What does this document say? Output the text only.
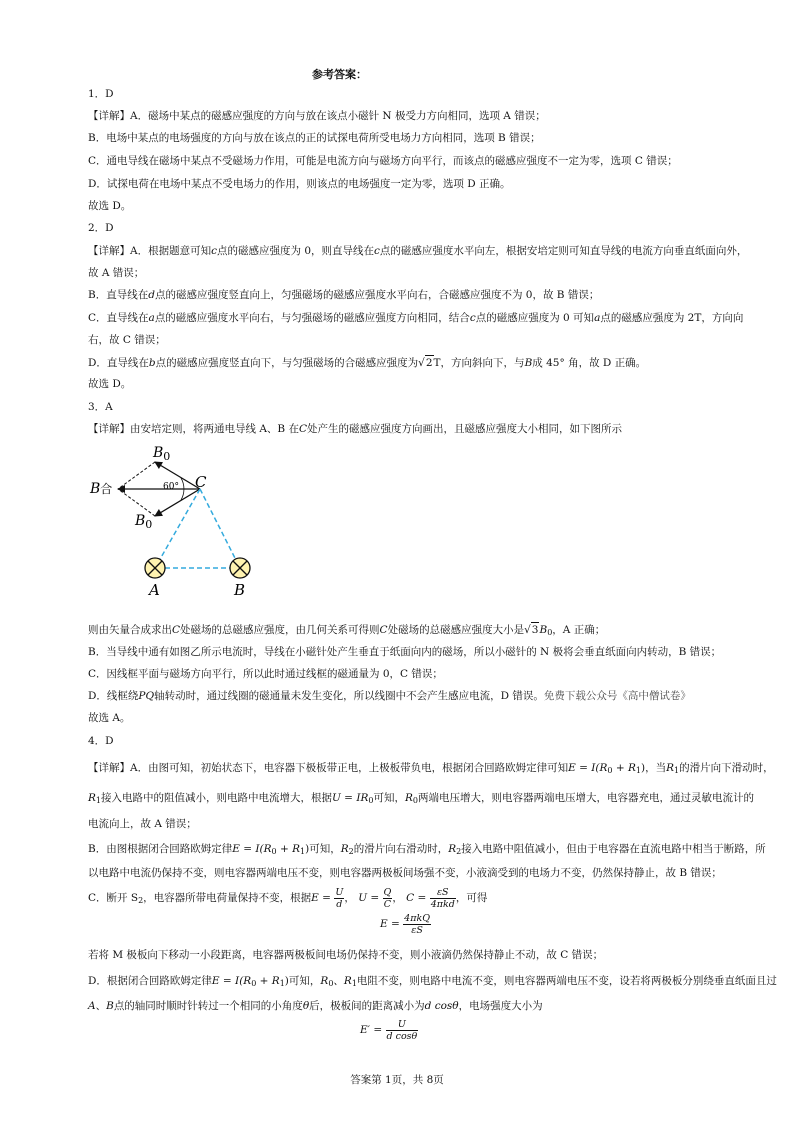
参考答案：
1．D
【详解】A．磁场中某点的磁感应强度的方向与放在该点小磁针 N 极受力方向相同，选项 A 错误；
B．电场中某点的电场强度的方向与放在该点的正的试探电荷所受电场力方向相同，选项 B 错误；
C．通电导线在磁场中某点不受磁场力作用，可能是电流方向与磁场方向平行，而该点的磁感应强度不一定为零，选项 C 错误；
D．试探电荷在电场中某点不受电场力的作用，则该点的电场强度一定为零，选项 D 正确。
故选 D。
2．D
【详解】A．根据题意可知c点的磁感应强度为 0，则直导线在c点的磁感应强度水平向左，根据安培定则可知直导线的电流方向垂直纸面向外，
故 A 错误；
B．直导线在d点的磁感应强度竖直向上，匀强磁场的磁感应强度水平向右，合磁感应强度不为 0，故 B 错误；
C．直导线在a点的磁感应强度水平向右，与匀强磁场的磁感应强度方向相同，结合c点的磁感应强度为 0 可知a点的磁感应强度为 2T，方向向
右，故 C 错误；
D．直导线在b点的磁感应强度竖直向下，与匀强磁场的合磁感应强度为√2T，方向斜向下，与B成 45° 角，故 D 正确。
故选 D。
3．A
【详解】由安培定则，将两通电导线 A、B 在C处产生的磁感应强度方向画出，且磁感应强度大小相同，如下图所示
$B_0$
$B_0$
B合	60° C
A	B
则由矢量合成求出C处磁场的总磁感应强度，由几何关系可得则C处磁场的总磁感应强度大小是$√3B_0$，A 正确；
B．当导线中通有如图乙所示电流时，导线在小磁针处产生垂直于纸面向内的磁场，所以小磁针的 N 极将会垂直纸面向内转动，B 错误；
C．因线框平面与磁场方向平行，所以此时通过线框的磁通量为 0，C 错误；
D．线框绕PQ轴转动时，通过线圈的磁通量未发生变化，所以线圈中不会产生感应电流，D 错误。免费下载公众号《高中僧试卷》
故选 A。
4．D
【详解】A．由图可知，初始状态下，电容器下极板带正电，上极板带负电，根据闭合回路欧姆定律可知$E = I(R_0 + R_1)$，当$R_1$的滑片向下滑动时，
$R_1$接入电路中的阻值减小，则电路中电流增大，根据$U = IR_0$可知，$R_0$两端电压增大，则电容器两端电压增大，电容器充电，通过灵敏电流计的
电流向上，故 A 错误；
B．由图根据闭合回路欧姆定律$E = I(R_0 + R_1)$可知，$R_2$的滑片向右滑动时，$R_2$接入电路中阻值减小，但由于电容器在直流电路中相当于断路，所
以电路中电流仍保持不变，则电容器两端电压不变，则电容器两极板间场强不变，小液滴受到的电场力不变，仍然保持静止，故 B 错误；
C．断开 $S_2$，电容器所带电荷量保持不变，根据$E = \frac{U}{d}$ ， $U = \frac{Q}{C}$ ， $C = \frac{\varepsilon S}{\text{4πkd}}$ ，可得
$E = \frac{\text{4πkQ}}{\varepsilon S}$
若将 M 极板向下移动一小段距离，电容器两极板间电场仍保持不变，则小液滴仍然保持静止不动，故 C 错误；
D．根据闭合回路欧姆定律$E = I(R_0 + R_1)$可知，$R_0$、$R_1$电阻不变，则电路中电流不变，则电容器两端电压不变，设若将两极板分别绕垂直纸面且过
A、B点的轴同时顺时针转过一个相同的小角度θ后，极板间的距离减小为d cosθ，电场强度大小为
$E' = \frac{U}{\text{d cosθ}}$
答案第 1页，共 8页
